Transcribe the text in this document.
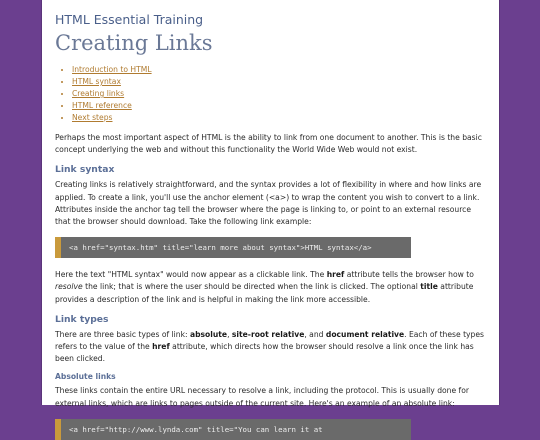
HTML Essential Training

Creating Links
• Introduction to HTML
• HTML syntax
• Creating links
• HTML reference
• Next steps

Perhaps the most important aspect of HTML is the ability to link from one document to another. This is the basic concept underlying the web and without this functionality the World Wide Web would not exist.

Link syntax

Creating links is relatively straightforward, and the syntax provides a lot of flexibility in where and how links are applied. To create a link, you'll use the anchor element (<a>) to wrap the content you wish to convert to a link. Attributes inside the anchor tag tell the browser where the page is linking to, or point to an external resource that the browser should download. Take the following link example:

<a href="syntax.htm" title="learn more about syntax">HTML syntax</a>

Here the text "HTML syntax" would now appear as a clickable link. The href attribute tells the browser how to resolve the link; that is where the user should be directed when the link is clicked. The optional title attribute provides a description of the link and is helpful in making the link more accessible.

Link types

There are three basic types of link: absolute, site-root relative, and document relative. Each of these types refers to the value of the href attribute, which directs how the browser should resolve a link once the link has been clicked.

Absolute links

These links contain the entire URL necessary to resolve a link, including the protocol. This is usually done for external links, which are links to pages outside of the current site. Here's an example of an absolute link:

<a href="http://www.lynda.com" title="You can learn it at
